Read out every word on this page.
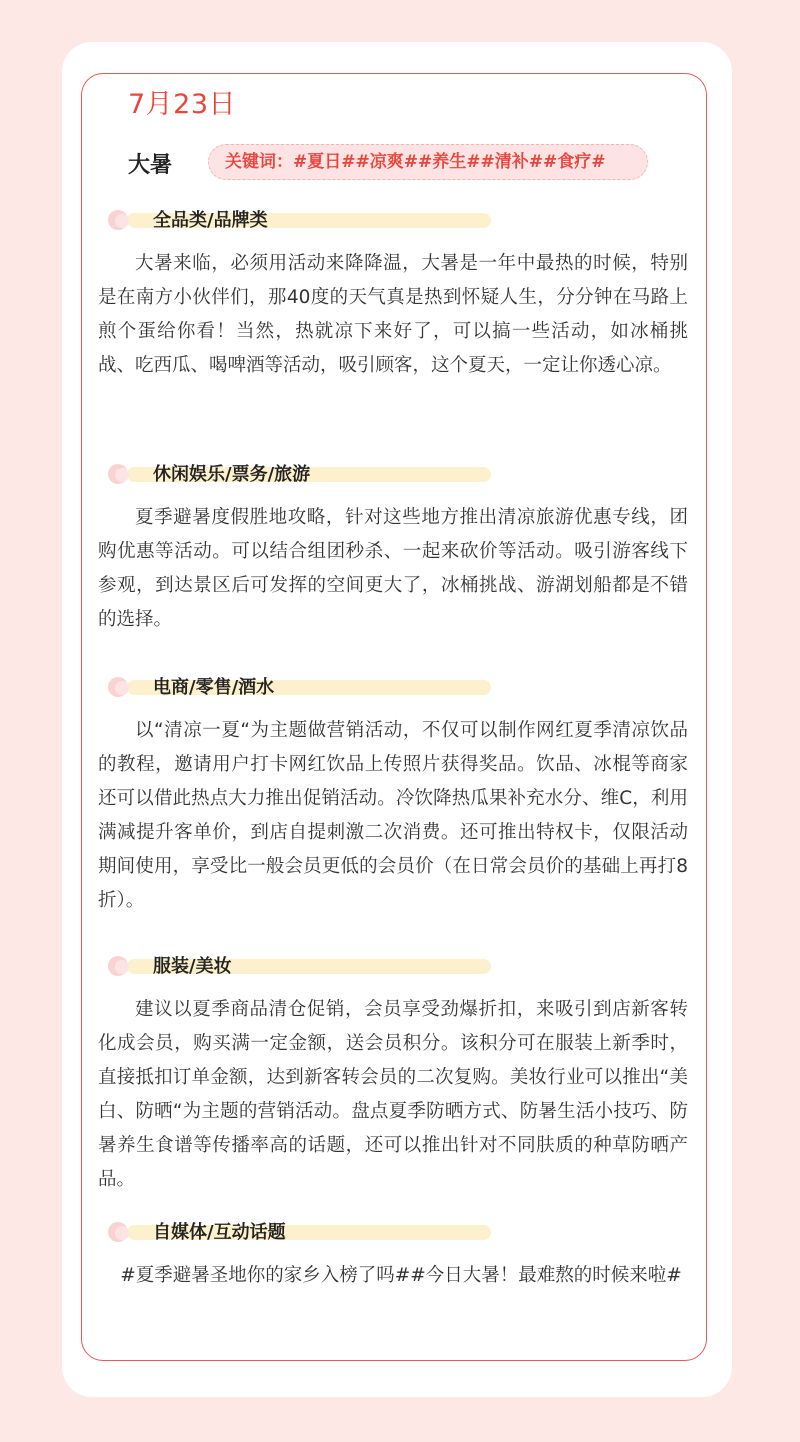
7月23日
大暑	关键词：#夏日##凉爽##养生##清补##食疗#
全品类/品牌类
大暑来临，必须用活动来降降温，大暑是一年中最热的时候，特别是在南方小伙伴们，那40度的天气真是热到怀疑人生，分分钟在马路上煎个蛋给你看！当然，热就凉下来好了，可以搞一些活动，如冰桶挑战、吃西瓜、喝啤酒等活动，吸引顾客，这个夏天，一定让你透心凉。
休闲娱乐/票务/旅游
夏季避暑度假胜地攻略，针对这些地方推出清凉旅游优惠专线，团购优惠等活动。可以结合组团秒杀、一起来砍价等活动。吸引游客线下参观，到达景区后可发挥的空间更大了，冰桶挑战、游湖划船都是不错的选择。
电商/零售/酒水
以“清凉一夏“为主题做营销活动，不仅可以制作网红夏季清凉饮品的教程，邀请用户打卡网红饮品上传照片获得奖品。饮品、冰棍等商家还可以借此热点大力推出促销活动。冷饮降热瓜果补充水分、维C，利用满减提升客单价，到店自提刺激二次消费。还可推出特权卡，仅限活动期间使用，享受比一般会员更低的会员价（在日常会员价的基础上再打8折）。
服装/美妆
建议以夏季商品清仓促销，会员享受劲爆折扣，来吸引到店新客转化成会员，购买满一定金额，送会员积分。该积分可在服装上新季时，直接抵扣订单金额，达到新客转会员的二次复购。美妆行业可以推出“美白、防晒“为主题的营销活动。盘点夏季防晒方式、防暑生活小技巧、防暑养生食谱等传播率高的话题，还可以推出针对不同肤质的种草防晒产品。
自媒体/互动话题
#夏季避暑圣地你的家乡入榜了吗##今日大暑！最难熬的时候来啦#
